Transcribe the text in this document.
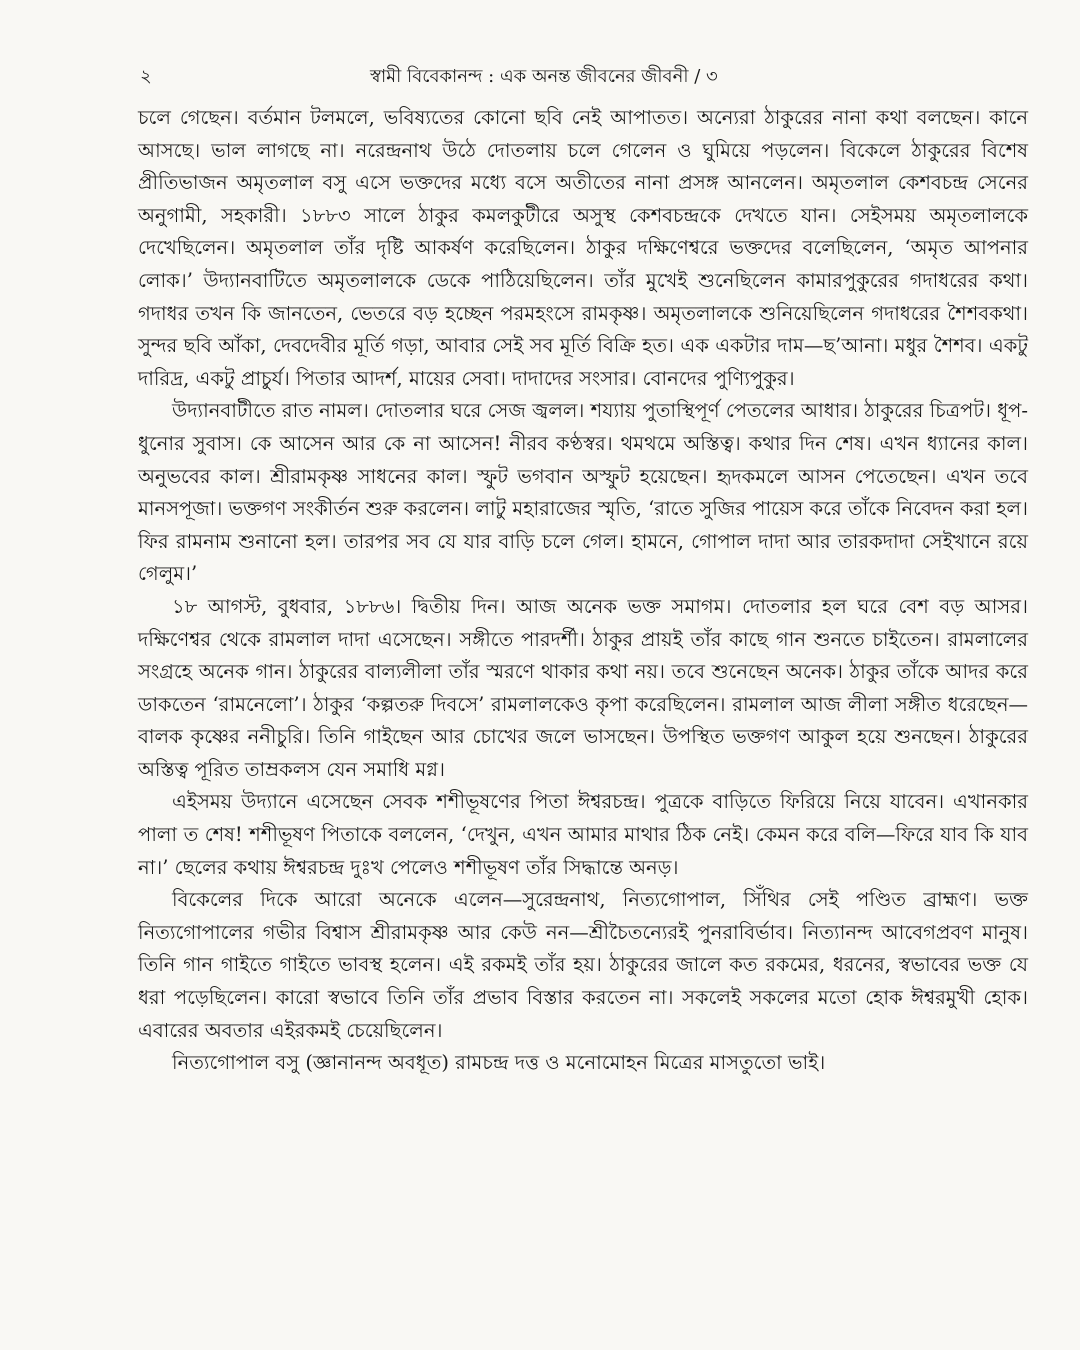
২	স্বামী বিবেকানন্দ : এক অনন্ত জীবনের জীবনী / ৩

চলে গেছেন। বর্তমান টলমলে, ভবিষ্যতের কোনো ছবি নেই আপাতত। অন্যেরা ঠাকুরের নানা কথা বলছেন। কানে আসছে। ভাল লাগছে না। নরেন্দ্রনাথ উঠে দোতলায় চলে গেলেন ও ঘুমিয়ে পড়লেন। বিকেলে ঠাকুরের বিশেষ প্রীতিভাজন অমৃতলাল বসু এসে ভক্তদের মধ্যে বসে অতীতের নানা প্রসঙ্গ আনলেন। অমৃতলাল কেশবচন্দ্র সেনের অনুগামী, সহকারী। ১৮৮৩ সালে ঠাকুর কমলকুটীরে অসুস্থ কেশবচন্দ্রকে দেখতে যান। সেইসময় অমৃতলালকে দেখেছিলেন। অমৃতলাল তাঁর দৃষ্টি আকর্ষণ করেছিলেন। ঠাকুর দক্ষিণেশ্বরে ভক্তদের বলেছিলেন, ‘অমৃত আপনার লোক।’ উদ্যানবাটিতে অমৃতলালকে ডেকে পাঠিয়েছিলেন। তাঁর মুখেই শুনেছিলেন কামারপুকুরের গদাধরের কথা। গদাধর তখন কি জানতেন, ভেতরে বড় হচ্ছেন পরমহংসে রামকৃষ্ণ। অমৃতলালকে শুনিয়েছিলেন গদাধরের শৈশবকথা। সুন্দর ছবি আঁকা, দেবদেবীর মূর্তি গড়া, আবার সেই সব মূর্তি বিক্রি হত। এক একটার দাম—ছ’আনা। মধুর শৈশব। একটু দারিদ্র, একটু প্রাচুর্য। পিতার আদর্শ, মায়ের সেবা। দাদাদের সংসার। বোনদের পুণ্যিপুকুর।

উদ্যানবাটীতে রাত নামল। দোতলার ঘরে সেজ জ্বলল। শয্যায় পুতাস্থিপূর্ণ পেতলের আধার। ঠাকুরের চিত্রপট। ধূপ-ধুনোর সুবাস। কে আসেন আর কে না আসেন! নীরব কণ্ঠস্বর। থমথমে অস্তিত্ব। কথার দিন শেষ। এখন ধ্যানের কাল। অনুভবের কাল। শ্রীরামকৃষ্ণ সাধনের কাল। স্ফুট ভগবান অস্ফুট হয়েছেন। হৃদকমলে আসন পেতেছেন। এখন তবে মানসপূজা। ভক্তগণ সংকীর্তন শুরু করলেন। লাটু মহারাজের স্মৃতি, ‘রাতে সুজির পায়েস করে তাঁকে নিবেদন করা হল। ফির রামনাম শুনানো হল। তারপর সব যে যার বাড়ি চলে গেল। হামনে, গোপাল দাদা আর তারকদাদা সেইখানে রয়ে গেলুম।’

১৮ আগস্ট, বুধবার, ১৮৮৬। দ্বিতীয় দিন। আজ অনেক ভক্ত সমাগম। দোতলার হল ঘরে বেশ বড় আসর। দক্ষিণেশ্বর থেকে রামলাল দাদা এসেছেন। সঙ্গীতে পারদর্শী। ঠাকুর প্রায়ই তাঁর কাছে গান শুনতে চাইতেন। রামলালের সংগ্রহে অনেক গান। ঠাকুরের বাল্যলীলা তাঁর স্মরণে থাকার কথা নয়। তবে শুনেছেন অনেক। ঠাকুর তাঁকে আদর করে ডাকতেন ‘রামনেলো’। ঠাকুর ‘কল্পতরু দিবসে’ রামলালকেও কৃপা করেছিলেন। রামলাল আজ লীলা সঙ্গীত ধরেছেন—বালক কৃষ্ণের ননীচুরি। তিনি গাইছেন আর চোখের জলে ভাসছেন। উপস্থিত ভক্তগণ আকুল হয়ে শুনছেন। ঠাকুরের অস্তিত্ব পূরিত তাম্রকলস যেন সমাধি মগ্ন।

এইসময় উদ্যানে এসেছেন সেবক শশীভূষণের পিতা ঈশ্বরচন্দ্র। পুত্রকে বাড়িতে ফিরিয়ে নিয়ে যাবেন। এখানকার পালা ত শেষ! শশীভূষণ পিতাকে বললেন, ‘দেখুন, এখন আমার মাথার ঠিক নেই। কেমন করে বলি—ফিরে যাব কি যাব না।’ ছেলের কথায় ঈশ্বরচন্দ্র দুঃখ পেলেও শশীভূষণ তাঁর সিদ্ধান্তে অনড়।

বিকেলের দিকে আরো অনেকে এলেন—সুরেন্দ্রনাথ, নিত্যগোপাল, সিঁথির সেই পণ্ডিত ব্রাহ্মণ। ভক্ত নিত্যগোপালের গভীর বিশ্বাস শ্রীরামকৃষ্ণ আর কেউ নন—শ্রীচৈতন্যেরই পুনরাবির্ভাব। নিত্যানন্দ আবেগপ্রবণ মানুষ। তিনি গান গাইতে গাইতে ভাবস্থ হলেন। এই রকমই তাঁর হয়। ঠাকুরের জালে কত রকমের, ধরনের, স্বভাবের ভক্ত যে ধরা পড়েছিলেন। কারো স্বভাবে তিনি তাঁর প্রভাব বিস্তার করতেন না। সকলেই সকলের মতো হোক ঈশ্বরমুখী হোক। এবারের অবতার এইরকমই চেয়েছিলেন।

নিত্যগোপাল বসু (জ্ঞানানন্দ অবধূত) রামচন্দ্র দত্ত ও মনোমোহন মিত্রের মাসতুতো ভাই।
